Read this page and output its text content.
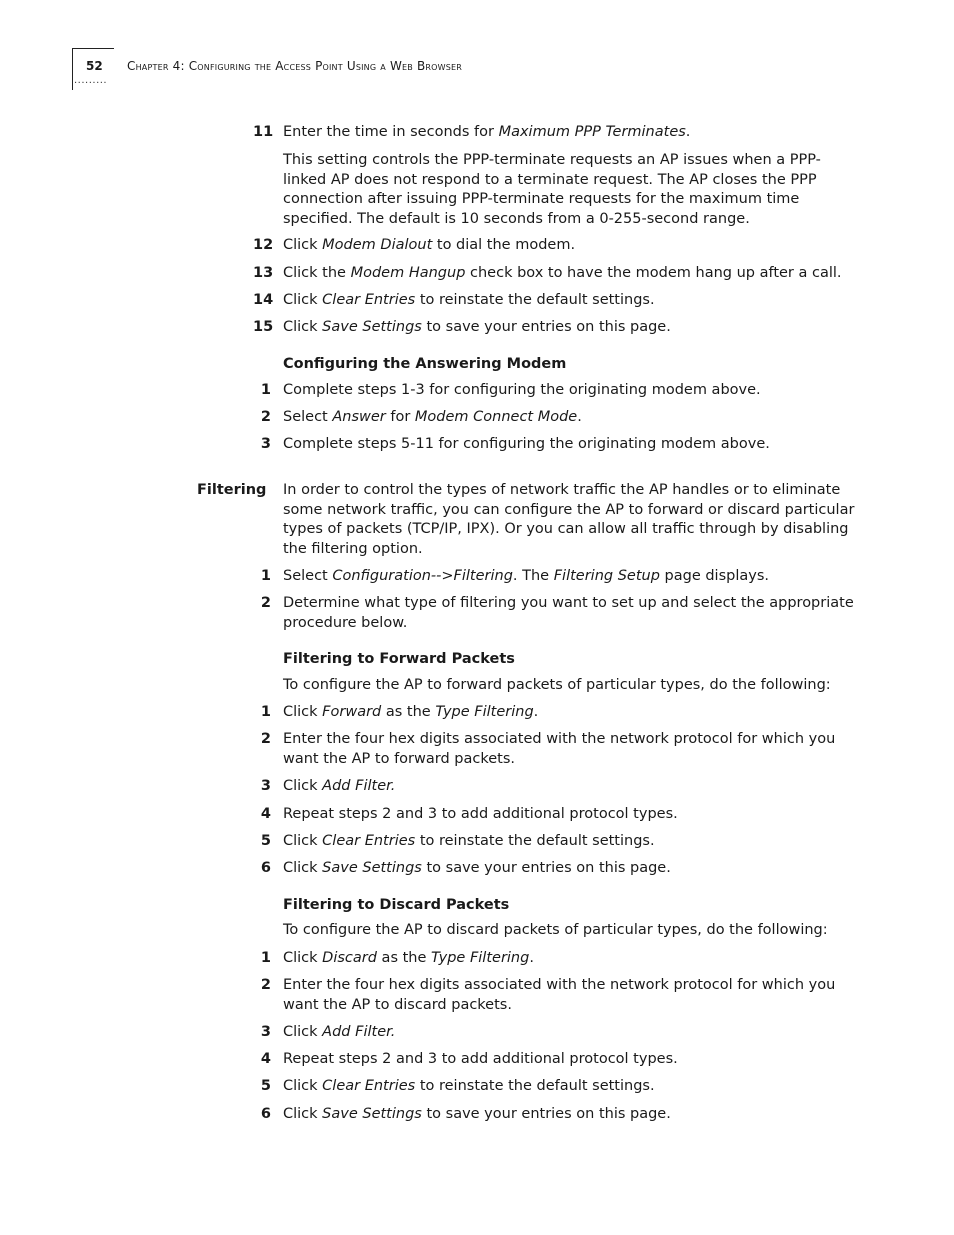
52
·········
Chapter 4: Configuring the Access Point Using a Web Browser
11 Enter the time in seconds for Maximum PPP Terminates.
This setting controls the PPP-terminate requests an AP issues when a PPP-linked AP does not respond to a terminate request. The AP closes the PPP connection after issuing PPP-terminate requests for the maximum time specified. The default is 10 seconds from a 0-255-second range.
12 Click Modem Dialout to dial the modem.
13 Click the Modem Hangup check box to have the modem hang up after a call.
14 Click Clear Entries to reinstate the default settings.
15 Click Save Settings to save your entries on this page.
Configuring the Answering Modem
1 Complete steps 1-3 for configuring the originating modem above.
2 Select Answer for Modem Connect Mode.
3 Complete steps 5-11 for configuring the originating modem above.
Filtering In order to control the types of network traffic the AP handles or to eliminate some network traffic, you can configure the AP to forward or discard particular types of packets (TCP/IP, IPX). Or you can allow all traffic through by disabling the filtering option.
1 Select Configuration-->Filtering. The Filtering Setup page displays.
2 Determine what type of filtering you want to set up and select the appropriate procedure below.
Filtering to Forward Packets
To configure the AP to forward packets of particular types, do the following:
1 Click Forward as the Type Filtering.
2 Enter the four hex digits associated with the network protocol for which you want the AP to forward packets.
3 Click Add Filter.
4 Repeat steps 2 and 3 to add additional protocol types.
5 Click Clear Entries to reinstate the default settings.
6 Click Save Settings to save your entries on this page.
Filtering to Discard Packets
To configure the AP to discard packets of particular types, do the following:
1 Click Discard as the Type Filtering.
2 Enter the four hex digits associated with the network protocol for which you want the AP to discard packets.
3 Click Add Filter.
4 Repeat steps 2 and 3 to add additional protocol types.
5 Click Clear Entries to reinstate the default settings.
6 Click Save Settings to save your entries on this page.
